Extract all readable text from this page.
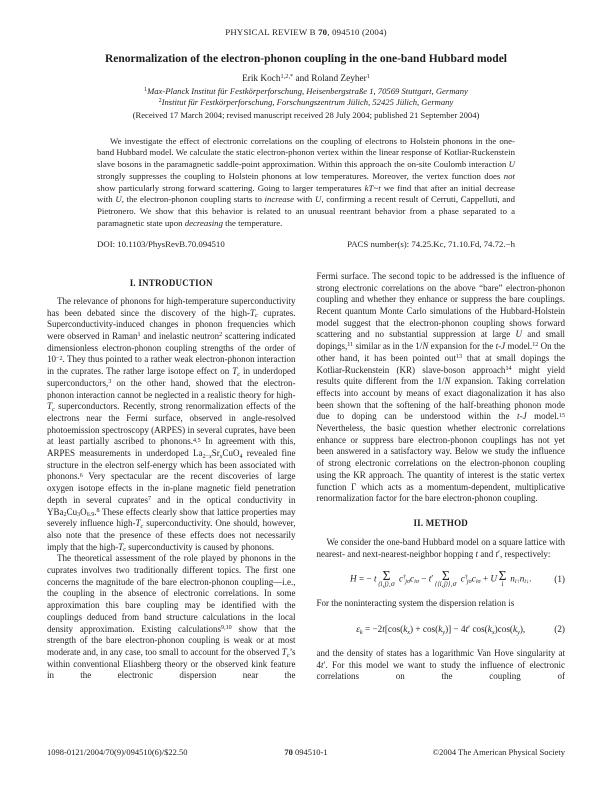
PHYSICAL REVIEW B 70, 094510 (2004)
Renormalization of the electron-phonon coupling in the one-band Hubbard model
Erik Koch$^{1,2,*}$ and Roland Zeyher$^1$
$^1$Max-Planck Institut für Festkörperforschung, Heisenbergstraße 1, 70569 Stuttgart, Germany
$^2$Institut für Festkörperforschung, Forschungszentrum Jülich, 52425 Jülich, Germany
(Received 17 March 2004; revised manuscript received 28 July 2004; published 21 September 2004)

We investigate the effect of electronic correlations on the coupling of electrons to Holstein phonons in the one-band Hubbard model. We calculate the static electron-phonon vertex within the linear response of Kotliar-Ruckenstein slave bosons in the paramagnetic saddle-point approximation. Within this approach the on-site Coulomb interaction U strongly suppresses the coupling to Holstein phonons at low temperatures. Moreover, the vertex function does not show particularly strong forward scattering. Going to larger temperatures kT~t we find that after an initial decrease with U, the electron-phonon coupling starts to increase with U, confirming a recent result of Cerruti, Cappelluti, and Pietronero. We show that this behavior is related to an unusual reentrant behavior from a phase separated to a paramagnetic state upon decreasing the temperature.

DOI: 10.1103/PhysRevB.70.094510	PACS number(s): 74.25.Kc, 71.10.Fd, 74.72.−h
I. INTRODUCTION

The relevance of phonons for high-temperature superconductivity has been debated since the discovery of the high-$T_c$ cuprates. Superconductivity-induced changes in phonon frequencies which were observed in Raman$^1$ and inelastic neutron$^2$ scattering indicated dimensionless electron-phonon coupling strengths of the order of $10^{-2}$. They thus pointed to a rather weak electron-phonon interaction in the cuprates. The rather large isotope effect on $T_c$ in underdoped superconductors,$^3$ on the other hand, showed that the electron-phonon interaction cannot be neglected in a realistic theory for high-$T_c$ superconductors. Recently, strong renormalization effects of the electrons near the Fermi surface, observed in angle-resolved photoemission spectroscopy (ARPES) in several cuprates, have been at least partially ascribed to phonons.$^{4,5}$ In agreement with this, ARPES measurements in underdoped $La_{2-x}Sr_xCuO_4$ revealed fine structure in the electron self-energy which has been associated with phonons.$^6$ Very spectacular are the recent discoveries of large oxygen isotope effects in the in-plane magnetic field penetration depth in several cuprates$^7$ and in the optical conductivity in $YBa_2Cu_3O_{6.9}.^8$ These effects clearly show that lattice properties may severely influence high-$T_c$ superconductivity. One should, however, also note that the presence of these effects does not necessarily imply that the high-$T_c$ superconductivity is caused by phonons.

The theoretical assessment of the role played by phonons in the cuprates involves two traditionally different topics. The first one concerns the magnitude of the bare electron-phonon coupling—i.e., the coupling in the absence of electronic correlations. In some approximation this bare coupling may be identified with the couplings deduced from band structure calculations in the local density approximation. Existing calculations$^{9,10}$ show that the strength of the bare electron-phonon coupling is weak or at most moderate and, in any case, too small to account for the observed $T_c’s$ within conventional Eliashberg theory or the observed kink feature in the electronic dispersion near the

Fermi surface. The second topic to be addressed is the influence of strong electronic correlations on the above “bare” electron-phonon coupling and whether they enhance or suppress the bare couplings. Recent quantum Monte Carlo simulations of the Hubbard-Holstein model suggest that the electron-phonon coupling shows forward scattering and no substantial suppression at large U and small dopings,$^{11}$ similar as in the 1/N expansion for the t-J model.$^{12}$ On the other hand, it has been pointed out$^{13}$ that at small dopings the Kotliar-Ruckenstein (KR) slave-boson approach$^{14}$ might yield results quite different from the 1/N expansion. Taking correlation effects into account by means of exact diagonalization it has also been shown that the softening of the half-breathing phonon mode due to doping can be understood within the t-J model.$^{15}$ Nevertheless, the basic question whether electronic correlations enhance or suppress bare electron-phonon couplings has not yet been answered in a satisfactory way. Below we study the influence of strong electronic correlations on the electron-phonon coupling using the KR approach. The quantity of interest is the static vertex function Γ which acts as a momentum-dependent, multiplicative renormalization factor for the bare electron-phonon coupling.

II. METHOD

We consider the one-band Hubbard model on a square lattice with nearest- and next-nearest-neighbor hopping t and t′, respectively:

H = − t Σ
⟨i,j⟩,σ
$c^\dagger_{j\sigma}c_{i\sigma} - t'$ Σ
⟨⟨i,j⟩⟩,σ
$c^\dagger_{j\sigma}c_{i\sigma} + U$ Σ
i
$n_{i↑}n_{i↓}$. (1)

For the noninteracting system the dispersion relation is

$\varepsilon_k = -2t[\cos(k_x) + \cos(k_y)] - 4t'$ $\cos(k_x)\cos(k_y)$,	(2)

and the density of states has a logarithmic Van Hove singularity at 4t′. For this model we want to study the influence of electronic correlations on the coupling of

1098-0121/2004/70(9)/094510(6)/$22.50	70 094510-1	©2004 The American Physical Society
